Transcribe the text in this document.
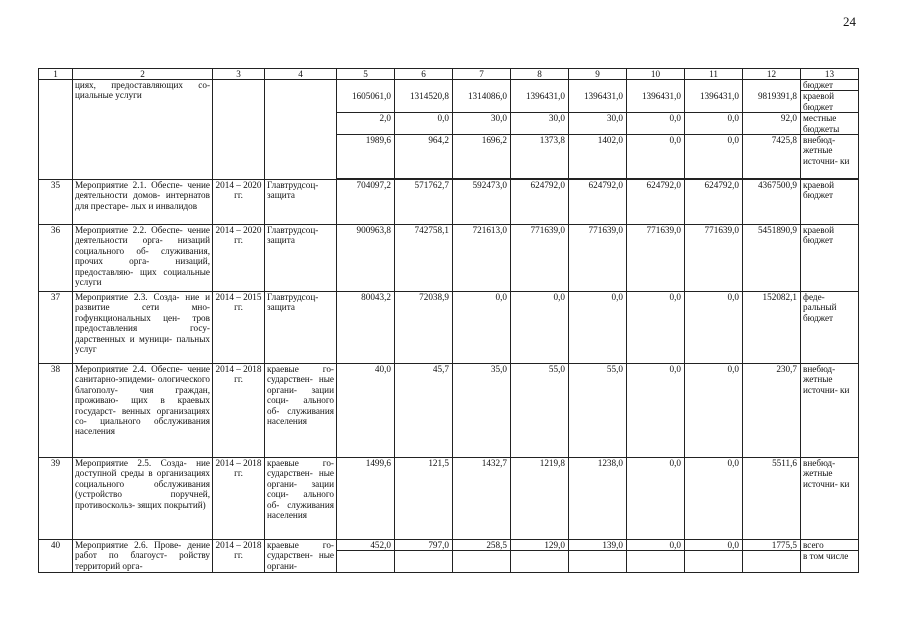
24
1	2	3	4	5	6	7	8	9	10	11	12	13
	циях, предоставляющих со- циальные услуги											бюджет
				1605061,0	1314520,8	1314086,0	1396431,0	1396431,0	1396431,0	1396431,0	9819391,8	краевой бюджет
				2,0	0,0	30,0	30,0	30,0	0,0	0,0	92,0	местные бюджеты
				1989,6	964,2	1696,2	1373,8	1402,0	0,0	0,0	7425,8	внебюд- жетные источни- ки

35	Мероприятие 2.1. Обеспе- чение деятельности домов- интернатов для престаре- лых и инвалидов	2014 – 2020 гг.	Главтрудсоц- защита	704097,2	571762,7	592473,0	624792,0	624792,0	624792,0	624792,0	4367500,9	краевой бюджет
36	Мероприятие 2.2. Обеспе- чение деятельности орга- низаций социального об- служивания, прочих орга- низаций, предоставляю- щих социальные услуги	2014 – 2020 гг.	Главтрудсоц- защита	900963,8	742758,1	721613,0	771639,0	771639,0	771639,0	771639,0	5451890,9	краевой бюджет
37	Мероприятие 2.3. Созда- ние и развитие сети мно- гофункциональных цен- тров предоставления госу- дарственных и муници- пальных услуг	2014 – 2015 гг.	Главтрудсоц- защита	80043,2	72038,9	0,0	0,0	0,0	0,0	0,0	152082,1	феде- ральный бюджет
38	Мероприятие 2.4. Обеспе- чение санитарно-эпидеми- ологического благополу- чия граждан, проживаю- щих в краевых государст- венных организациях со- циального обслуживания населения	2014 – 2018 гг.	краевые го- сударствен- ные органи- зации соци- ального об- служивания населения	40,0	45,7	35,0	55,0	55,0	0,0	0,0	230,7	внебюд- жетные источни- ки
39	Мероприятие 2.5. Созда- ние доступной среды в организациях социального обслуживания (устройство поручней, противоскольз- зящих покрытий)	2014 – 2018 гг.	краевые го- сударствен- ные органи- зации соци- ального об- служивания населения	1499,6	121,5	1432,7	1219,8	1238,0	0,0	0,0	5511,6	внебюд- жетные источни- ки
40	Мероприятие 2.6. Прове- дение работ по благоуст- ройству территорий орга-	2014 – 2018 гг.	краевые го- сударствен- ные органи-	452,0	797,0	258,5	129,0	139,0	0,0	0,0	1775,5	всего
												в том числе
